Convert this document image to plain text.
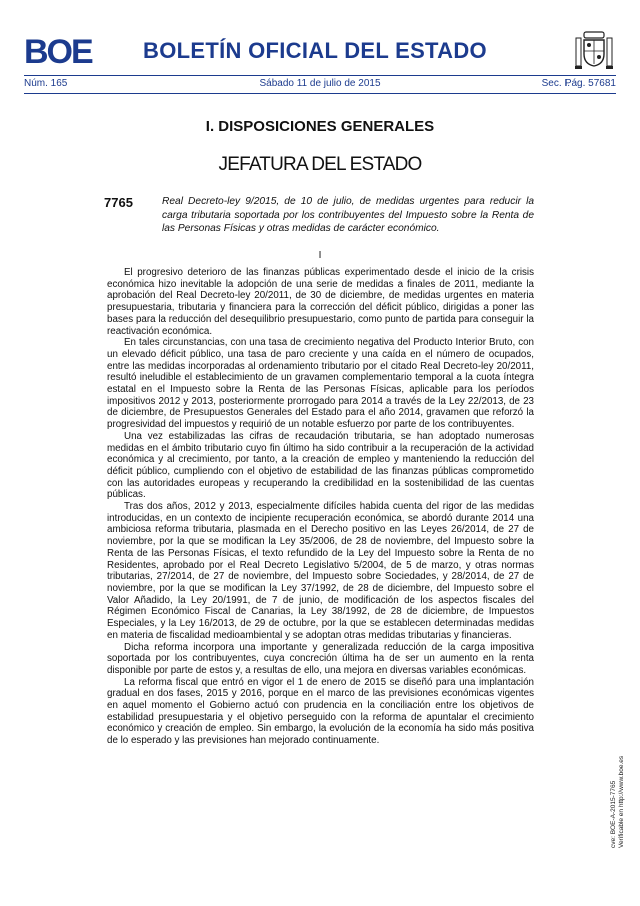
BOE	BOLETÍN OFICIAL DEL ESTADO
Núm. 165	Sábado 11 de julio de 2015	Sec. I.
Pág. 57681
I. DISPOSICIONES GENERALES
JEFATURA DEL ESTADO
7765	Real Decreto-ley 9/2015, de 10 de julio, de medidas urgentes para reducir la carga tributaria soportada por los contribuyentes del Impuesto sobre la Renta de las Personas Físicas y otras medidas de carácter económico.
I

El progresivo deterioro de las finanzas públicas experimentado desde el inicio de la crisis económica hizo inevitable la adopción de una serie de medidas a finales de 2011, mediante la aprobación del Real Decreto-ley 20/2011, de 30 de diciembre, de medidas urgentes en materia presupuestaria, tributaria y financiera para la corrección del déficit público, dirigidas a poner las bases para la reducción del desequilibrio presupuestario, como punto de partida para conseguir la reactivación económica.

En tales circunstancias, con una tasa de crecimiento negativa del Producto Interior Bruto, con un elevado déficit público, una tasa de paro creciente y una caída en el número de ocupados, entre las medidas incorporadas al ordenamiento tributario por el citado Real Decreto-ley 20/2011, resultó ineludible el establecimiento de un gravamen complementario temporal a la cuota íntegra estatal en el Impuesto sobre la Renta de las Personas Físicas, aplicable para los períodos impositivos 2012 y 2013, posteriormente prorrogado para 2014 a través de la Ley 22/2013, de 23 de diciembre, de Presupuestos Generales del Estado para el año 2014, gravamen que reforzó la progresividad del impuestos y requirió de un notable esfuerzo por parte de los contribuyentes.

Una vez estabilizadas las cifras de recaudación tributaria, se han adoptado numerosas medidas en el ámbito tributario cuyo fin último ha sido contribuir a la recuperación de la actividad económica y al crecimiento, por tanto, a la creación de empleo y manteniendo la reducción del déficit público, cumpliendo con el objetivo de estabilidad de las finanzas públicas comprometido con las autoridades europeas y recuperando la credibilidad en la sostenibilidad de las cuentas públicas.

Tras dos años, 2012 y 2013, especialmente difíciles habida cuenta del rigor de las medidas introducidas, en un contexto de incipiente recuperación económica, se abordó durante 2014 una ambiciosa reforma tributaria, plasmada en el Derecho positivo en las Leyes 26/2014, de 27 de noviembre, por la que se modifican la Ley 35/2006, de 28 de noviembre, del Impuesto sobre la Renta de las Personas Físicas, el texto refundido de la Ley del Impuesto sobre la Renta de no Residentes, aprobado por el Real Decreto Legislativo 5/2004, de 5 de marzo, y otras normas tributarias, 27/2014, de 27 de noviembre, del Impuesto sobre Sociedades, y 28/2014, de 27 de noviembre, por la que se modifican la Ley 37/1992, de 28 de diciembre, del Impuesto sobre el Valor Añadido, la Ley 20/1991, de 7 de junio, de modificación de los aspectos fiscales del Régimen Económico Fiscal de Canarias, la Ley 38/1992, de 28 de diciembre, de Impuestos Especiales, y la Ley 16/2013, de 29 de octubre, por la que se establecen determinadas medidas en materia de fiscalidad medioambiental y se adoptan otras medidas tributarias y financieras.

Dicha reforma incorpora una importante y generalizada reducción de la carga impositiva soportada por los contribuyentes, cuya concreción última ha de ser un aumento en la renta disponible por parte de estos y, a resultas de ello, una mejora en diversas variables económicas.

La reforma fiscal que entró en vigor el 1 de enero de 2015 se diseñó para una implantación gradual en dos fases, 2015 y 2016, porque en el marco de las previsiones económicas vigentes en aquel momento el Gobierno actuó con prudencia en la conciliación entre los objetivos de estabilidad presupuestaria y el objetivo perseguido con la reforma de apuntalar el crecimiento económico y creación de empleo. Sin embargo, la evolución de la economía ha sido más positiva de lo esperado y las previsiones han mejorado continuamente.

cve: BOE-A-2015-7765 Verificable en http://www.boe.es
